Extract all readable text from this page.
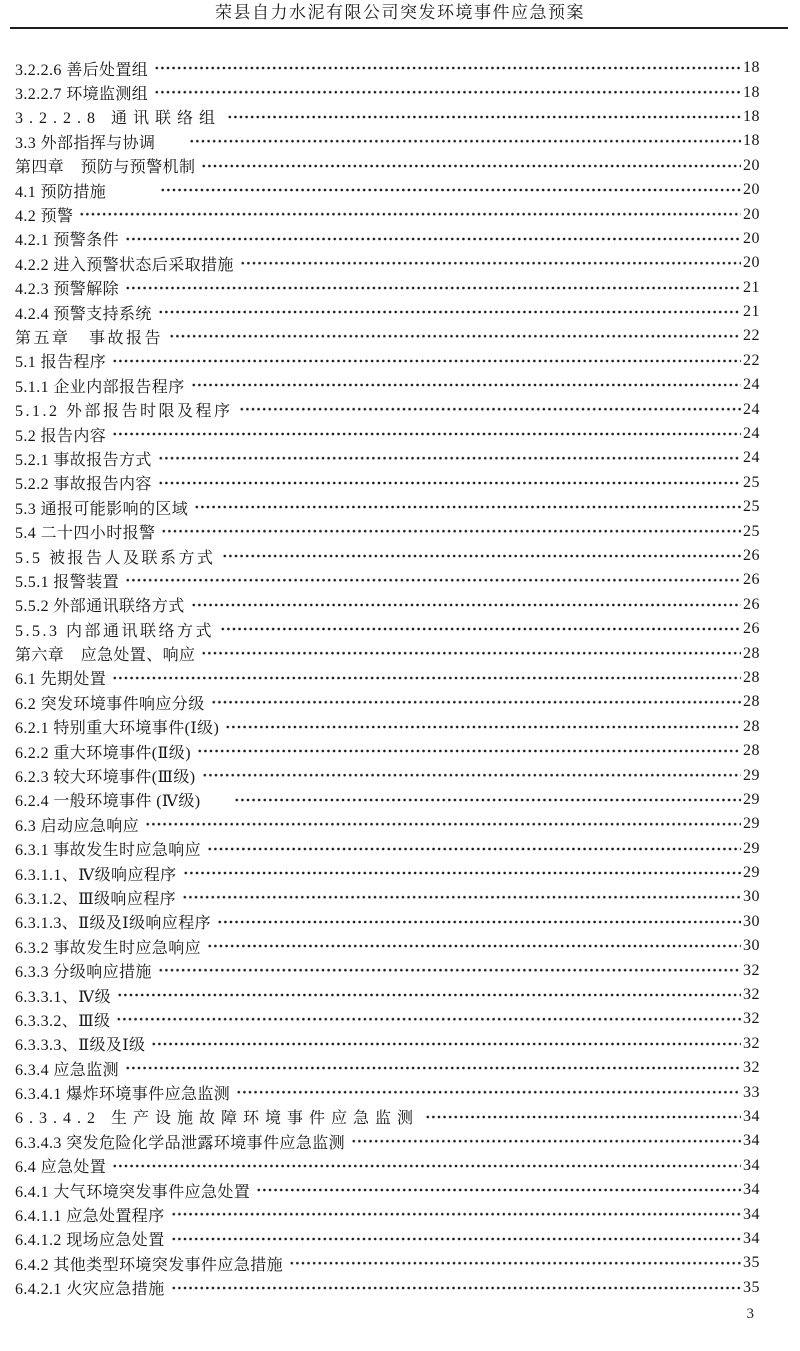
荣县自力水泥有限公司突发环境事件应急预案
3.2.2.6 善后处置组	18
3.2.2.7 环境监测组	18
3.2.2.8 通讯联络组	18
3.3 外部指挥与协调	18
第四章　预防与预警机制	20
4.1 预防措施	20
4.2 预警	20
4.2.1 预警条件	20
4.2.2 进入预警状态后采取措施	20
4.2.3 预警解除	21
4.2.4 预警支持系统	21
第五章　事故报告	22
5.1 报告程序	22
5.1.1 企业内部报告程序	24
5.1.2 外部报告时限及程序	24
5.2 报告内容	24
5.2.1 事故报告方式	24
5.2.2 事故报告内容	25
5.3 通报可能影响的区域	25
5.4 二十四小时报警	25
5.5 被报告人及联系方式	26
5.5.1 报警装置	26
5.5.2 外部通讯联络方式	26
5.5.3 内部通讯联络方式	26
第六章　应急处置、响应	28
6.1 先期处置	28
6.2 突发环境事件响应分级	28
6.2.1 特别重大环境事件(Ⅰ级)	28
6.2.2 重大环境事件(Ⅱ级)	28
6.2.3 较大环境事件(Ⅲ级)	29
6.2.4 一般环境事件 (Ⅳ级)	29
6.3 启动应急响应	29
6.3.1 事故发生时应急响应	29
6.3.1.1、Ⅳ级响应程序	29
6.3.1.2、Ⅲ级响应程序	30
6.3.1.3、Ⅱ级及Ⅰ级响应程序	30
6.3.2 事故发生时应急响应	30
6.3.3 分级响应措施	32
6.3.3.1、Ⅳ级	32
6.3.3.2、Ⅲ级	32
6.3.3.3、Ⅱ级及Ⅰ级	32
6.3.4 应急监测	32
6.3.4.1 爆炸环境事件应急监测	33
6.3.4.2 生产设施故障环境事件应急监测	34
6.3.4.3 突发危险化学品泄露环境事件应急监测	34
6.4 应急处置	34
6.4.1 大气环境突发事件应急处置	34
6.4.1.1 应急处置程序	34
6.4.1.2 现场应急处置	34
6.4.2 其他类型环境突发事件应急措施	35
6.4.2.1 火灾应急措施	35
3
